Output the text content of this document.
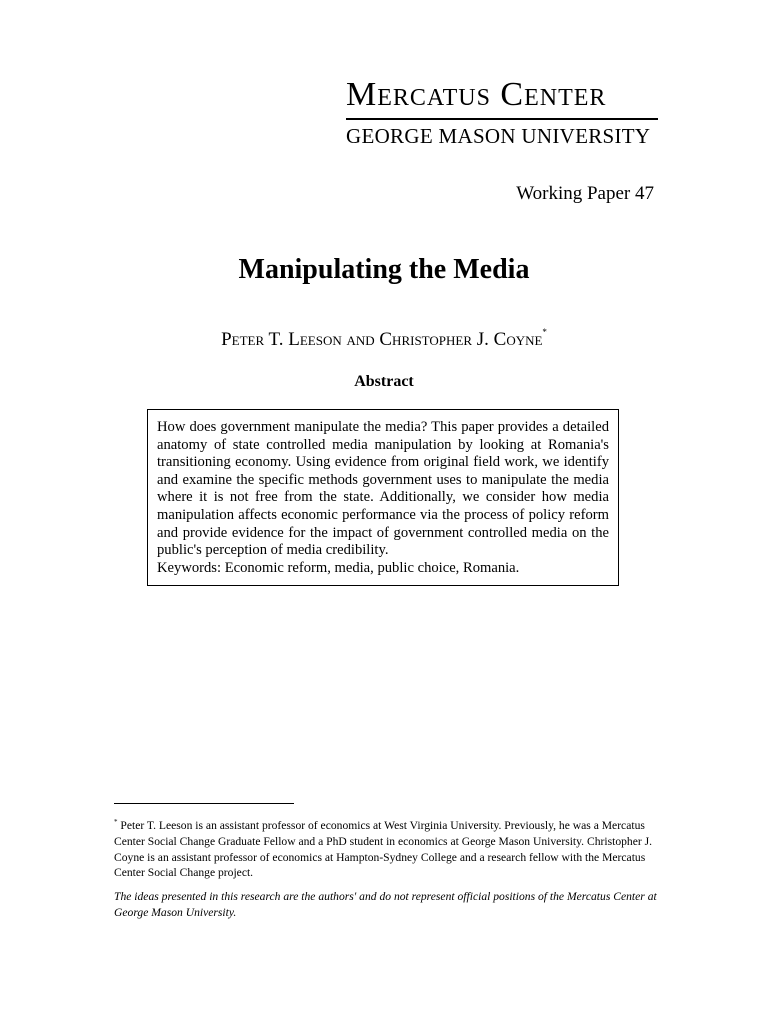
Mercatus Center
GEORGE MASON UNIVERSITY
Working Paper 47
Manipulating the Media
Peter T. Leeson and Christopher J. Coyne*
Abstract

How does government manipulate the media? This paper provides a detailed anatomy of state controlled media manipulation by looking at Romania's transitioning economy. Using evidence from original field work, we identify and examine the specific methods government uses to manipulate the media where it is not free from the state. Additionally, we consider how media manipulation affects economic performance via the process of policy reform and provide evidence for the impact of government controlled media on the public's perception of media credibility.

Keywords: Economic reform, media, public choice, Romania.

* Peter T. Leeson is an assistant professor of economics at West Virginia University. Previously, he was a Mercatus Center Social Change Graduate Fellow and a PhD student in economics at George Mason University. Christopher J. Coyne is an assistant professor of economics at Hampton-Sydney College and a research fellow with the Mercatus Center Social Change project.
The ideas presented in this research are the authors' and do not represent official positions of the Mercatus Center at George Mason University.
